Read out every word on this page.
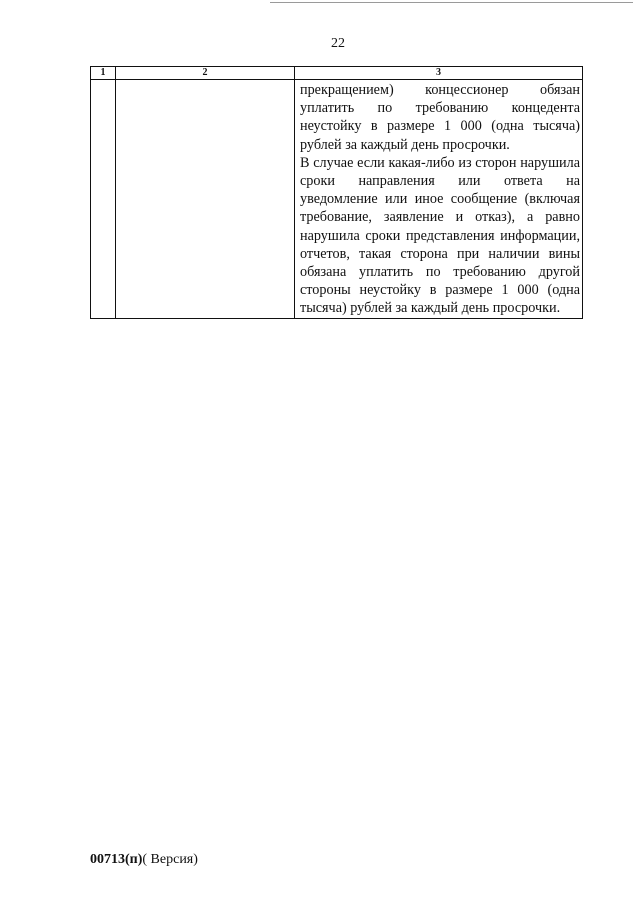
22
1	2	3

		прекращением) концессионер обязан уплатить по требованию концедента неустойку в размере 1 000 (одна тысяча) рублей за каждый день просрочки.

В случае если какая-либо из сторон нарушила сроки направления или ответа на уведомление или иное сообщение (включая требование, заявление и отказ), а равно нарушила сроки представления информации, отчетов, такая сторона при наличии вины обязана уплатить по требованию другой стороны неустойку в размере 1 000 (одна тысяча) рублей за каждый день просрочки.

00713(п)( Версия)
